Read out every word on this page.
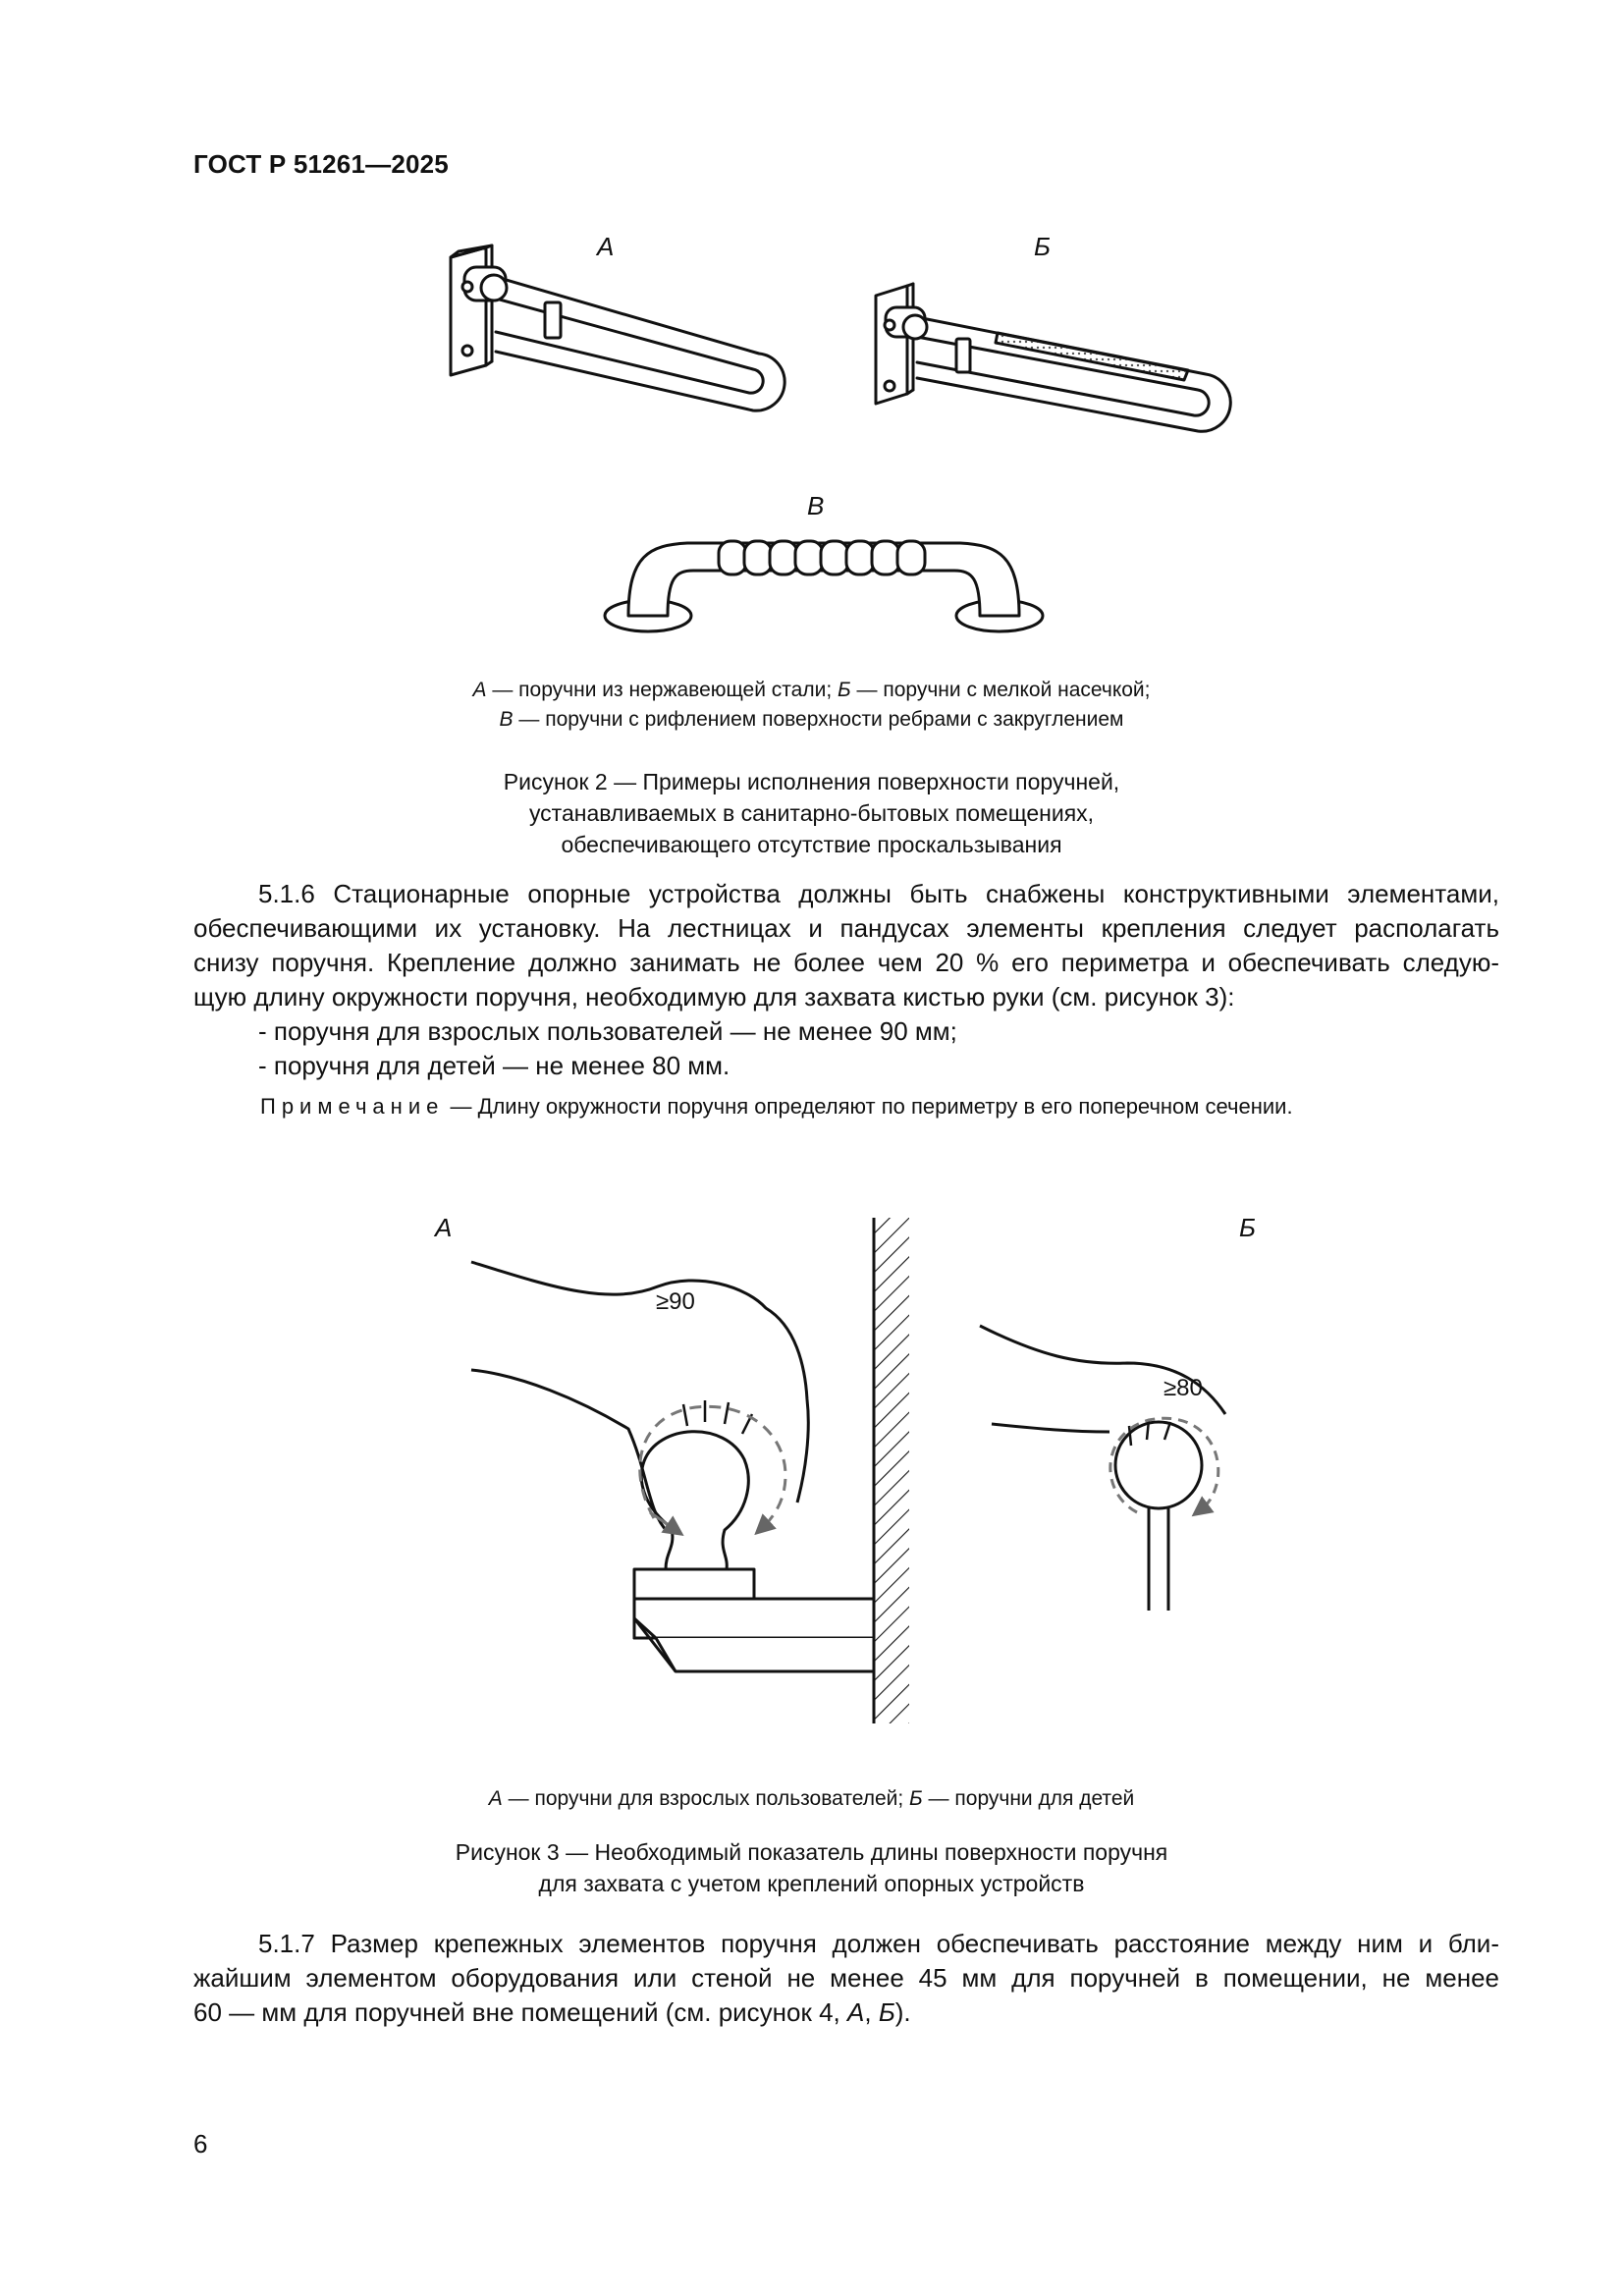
ГОСТ Р 51261—2025
А	Б
В
А — поручни из нержавеющей стали; Б — поручни с мелкой насечкой;
В — поручни с рифлением поверхности ребрами с закруглением
Рисунок 2 — Примеры исполнения поверхности поручней,
устанавливаемых в санитарно-бытовых помещениях,
обеспечивающего отсутствие проскальзывания
5.1.6 Стационарные опорные устройства должны быть снабжены конструктивными элементами,
обеспечивающими их установку. На лестницах и пандусах элементы крепления следует располагать
снизу поручня. Крепление должно занимать не более чем 20 % его периметра и обеспечивать следую-
щую длину окружности поручня, необходимую для захвата кистью руки (см. рисунок 3):
- поручня для взрослых пользователей — не менее 90 мм;
- поручня для детей — не менее 80 мм.
Примечание — Длину окружности поручня определяют по периметру в его поперечном сечении.
А	Б
≥90
≥80
А — поручни для взрослых пользователей; Б — поручни для детей
Рисунок 3 — Необходимый показатель длины поверхности поручня
для захвата с учетом креплений опорных устройств
5.1.7 Размер крепежных элементов поручня должен обеспечивать расстояние между ним и бли-
жайшим элементом оборудования или стеной не менее 45 мм для поручней в помещении, не менее
60 — мм для поручней вне помещений (см. рисунок 4, А, Б).
6
